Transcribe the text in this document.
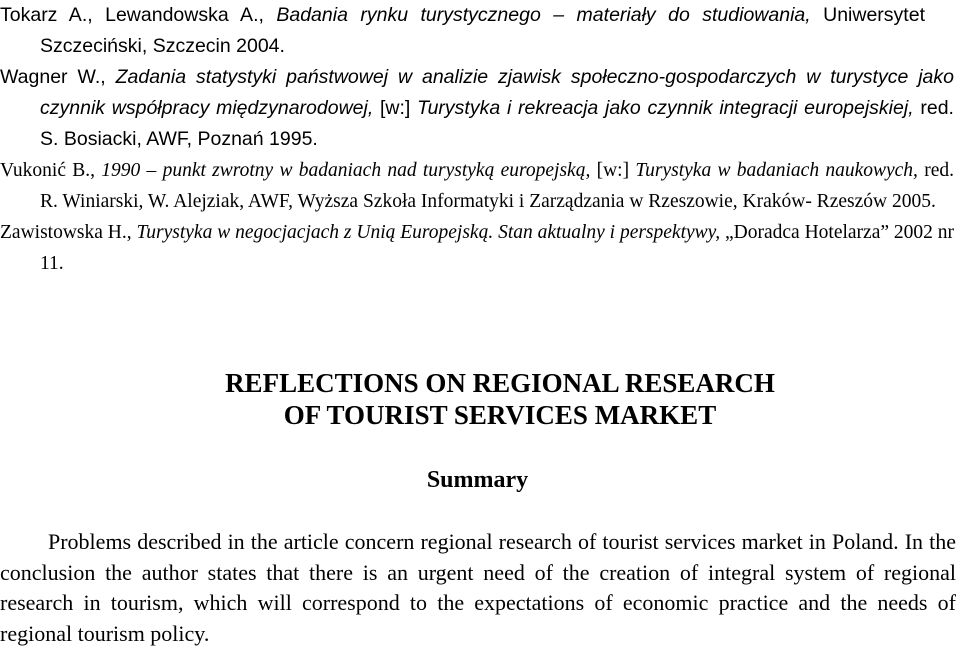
Tokarz A., Lewandowska A., Badania rynku turystycznego – materiały do studiowania, Uniwersytet Szczeciński, Szczecin 2004.

Wagner W., Zadania statystyki państwowej w analizie zjawisk społeczno-gospodarczych w turystyce jako czynnik współpracy międzynarodowej, [w:] Turystyka i rekreacja jako czynnik integracji europejskiej, red. S. Bosiacki, AWF, Poznań 1995.

Vukonić B., 1990 – punkt zwrotny w badaniach nad turystyką europejską, [w:] Turystyka w badaniach naukowych, red. R. Winiarski, W. Alejziak, AWF, Wyższa Szkoła Informatyki i Zarządzania w Rzeszowie, Kraków- Rzeszów 2005.

Zawistowska H., Turystyka w negocjacjach z Unią Europejską. Stan aktualny i perspektywy, „Doradca Hotelarza” 2002 nr 11.

REFLECTIONS ON REGIONAL RESEARCH
OF TOURIST SERVICES MARKET
Summary

Problems described in the article concern regional research of tourist services market in Poland. In the conclusion the author states that there is an urgent need of the creation of integral system of regional research in tourism, which will correspond to the expectations of economic practice and the needs of regional tourism policy.
